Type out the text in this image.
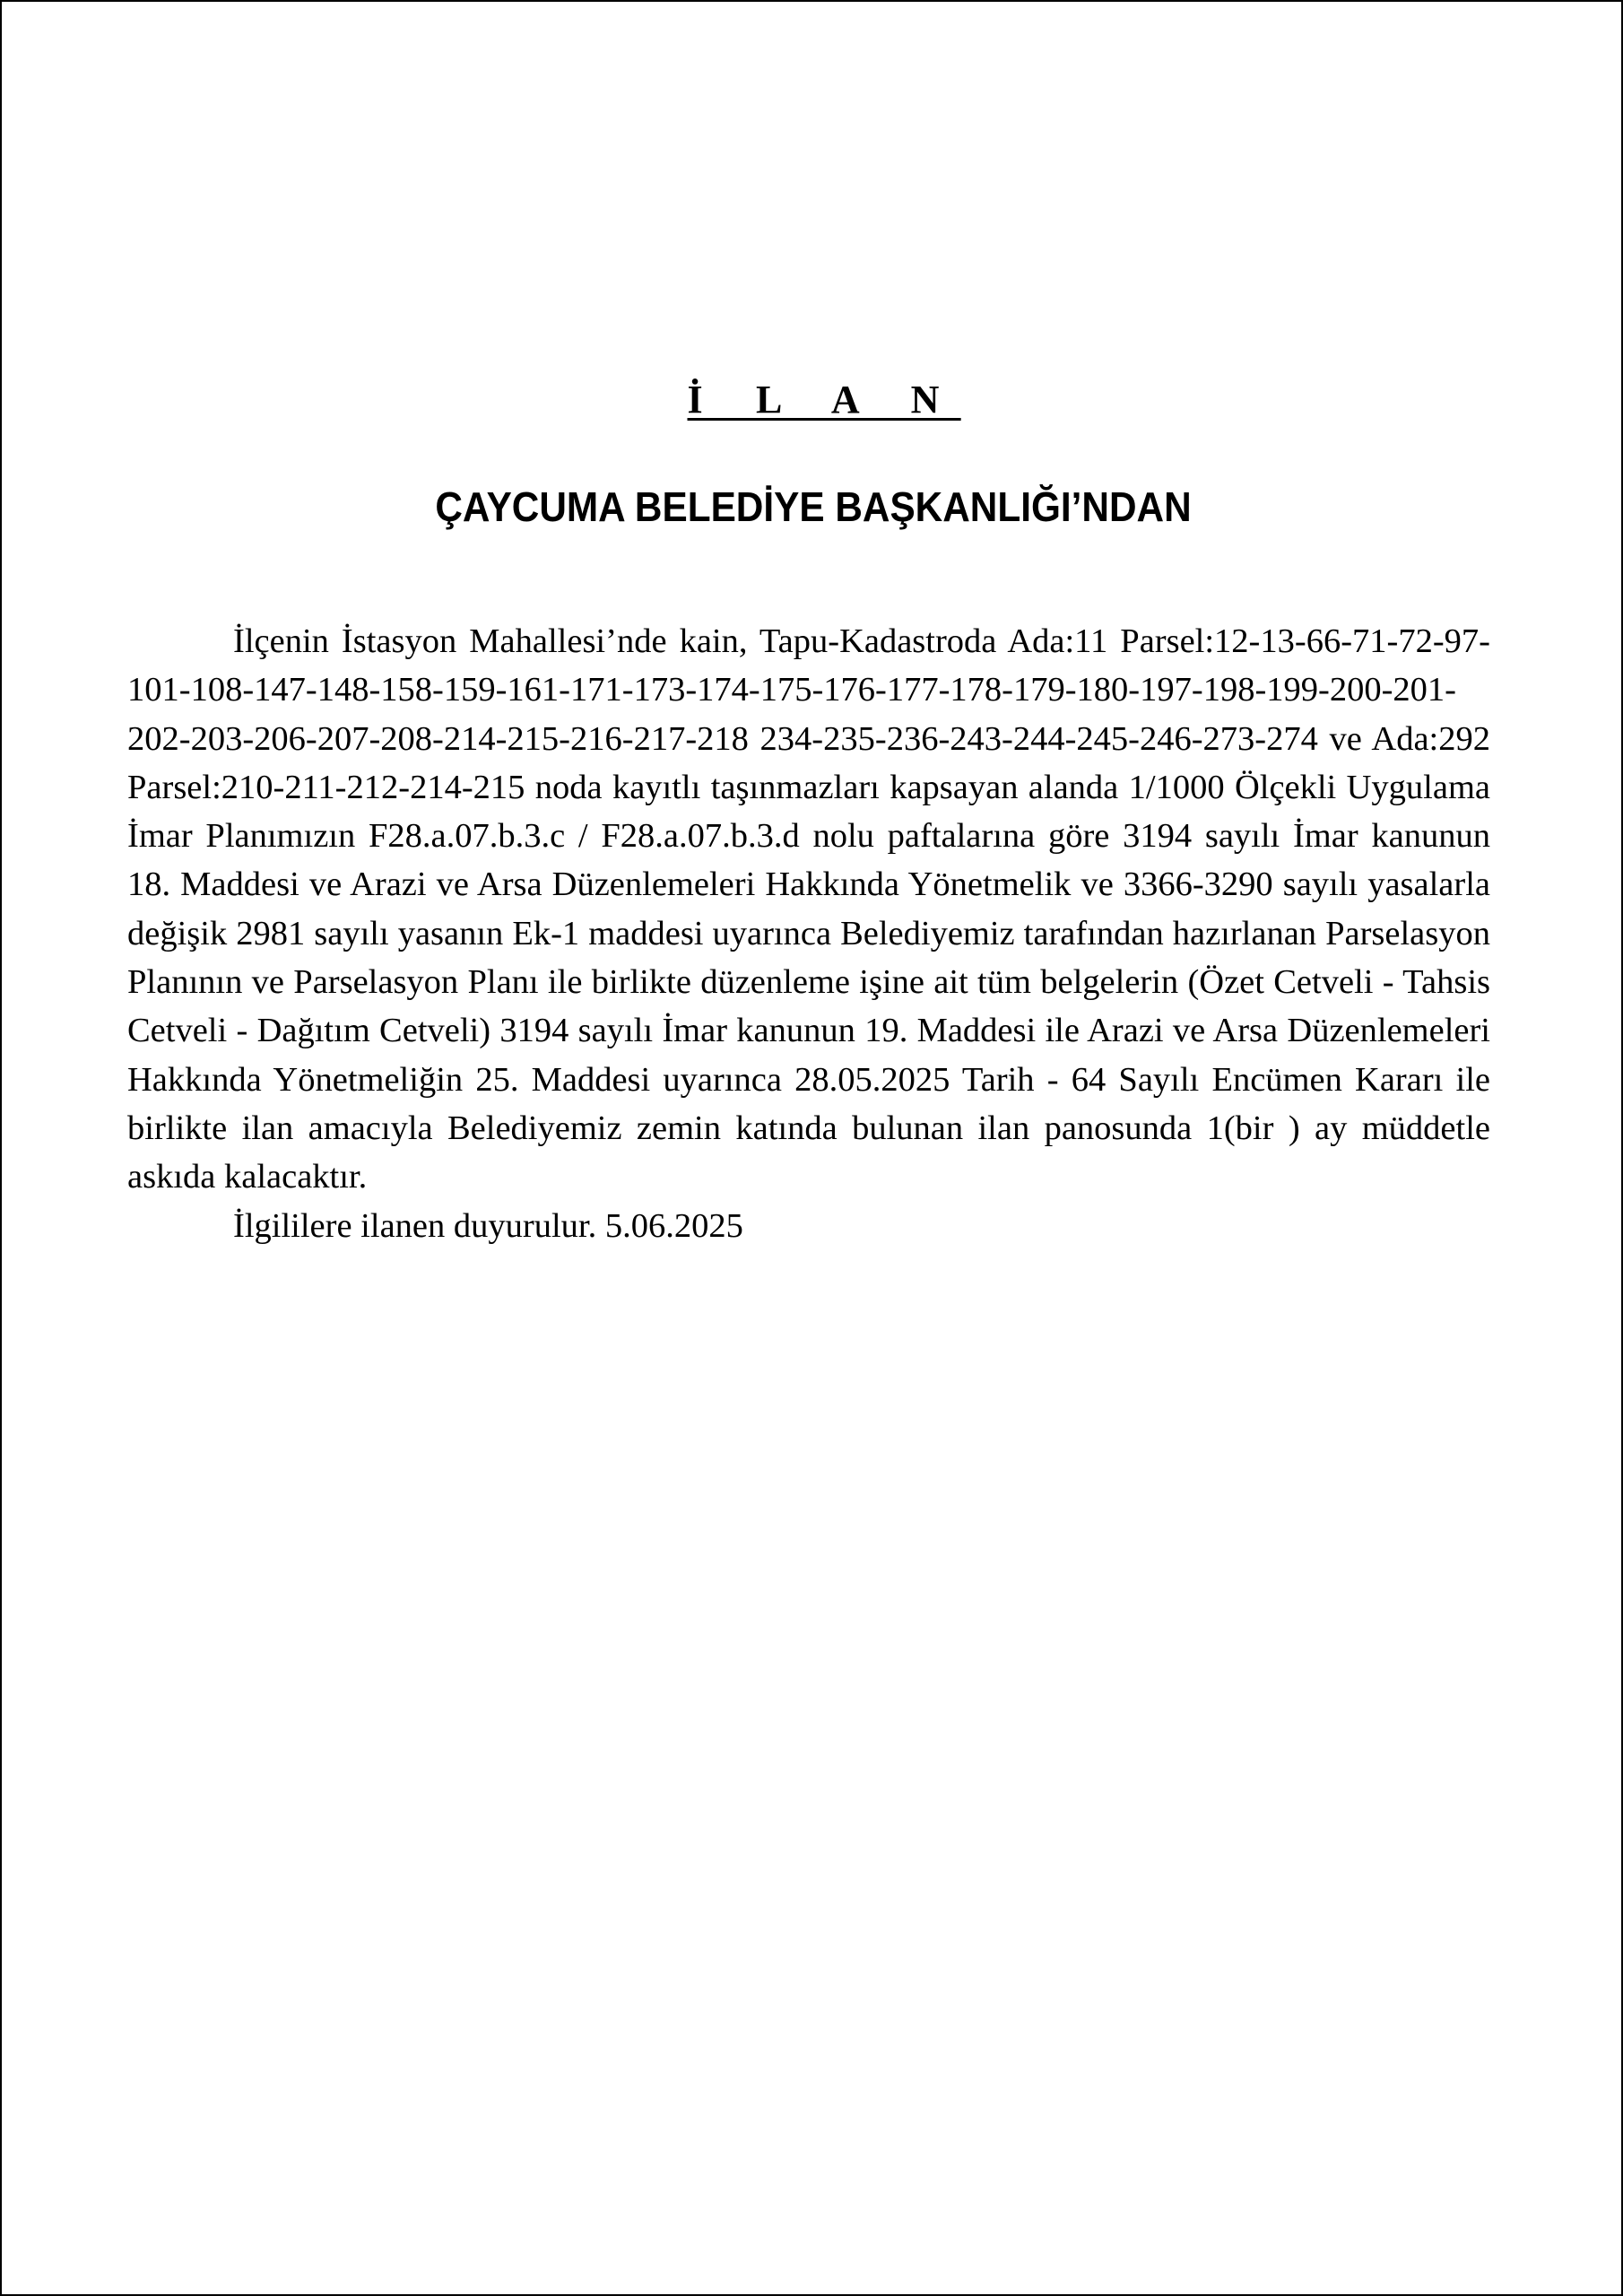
İ L A N
ÇAYCUMA BELEDİYE BAŞKANLIĞI’NDAN

İlçenin İstasyon Mahallesi’nde kain, Tapu-Kadastroda Ada:11 Parsel:12-13-66-71-72-97-101-108-147-148-158-159-161-171-173-174-175-176-177-178-179-180-197-198-199-200-201-202-203-206-207-208-214-215-216-217-218 234-235-236-243-244-245-246-273-274 ve Ada:292 Parsel:210-211-212-214-215 noda kayıtlı taşınmazları kapsayan alanda 1/1000 Ölçekli Uygulama İmar Planımızın F28.a.07.b.3.c / F28.a.07.b.3.d nolu paftalarına göre 3194 sayılı İmar kanunun 18. Maddesi ve Arazi ve Arsa Düzenlemeleri Hakkında Yönetmelik ve 3366-3290 sayılı yasalarla değişik 2981 sayılı yasanın Ek-1 maddesi uyarınca Belediyemiz tarafından hazırlanan Parselasyon Planının ve Parselasyon Planı ile birlikte düzenleme işine ait tüm belgelerin (Özet Cetveli - Tahsis Cetveli - Dağıtım Cetveli) 3194 sayılı İmar kanunun 19. Maddesi ile Arazi ve Arsa Düzenlemeleri Hakkında Yönetmeliğin 25. Maddesi uyarınca 28.05.2025 Tarih - 64 Sayılı Encümen Kararı ile birlikte ilan amacıyla Belediyemiz zemin katında bulunan ilan panosunda 1(bir ) ay müddetle askıda kalacaktır.

İlgililere ilanen duyurulur. 5.06.2025
